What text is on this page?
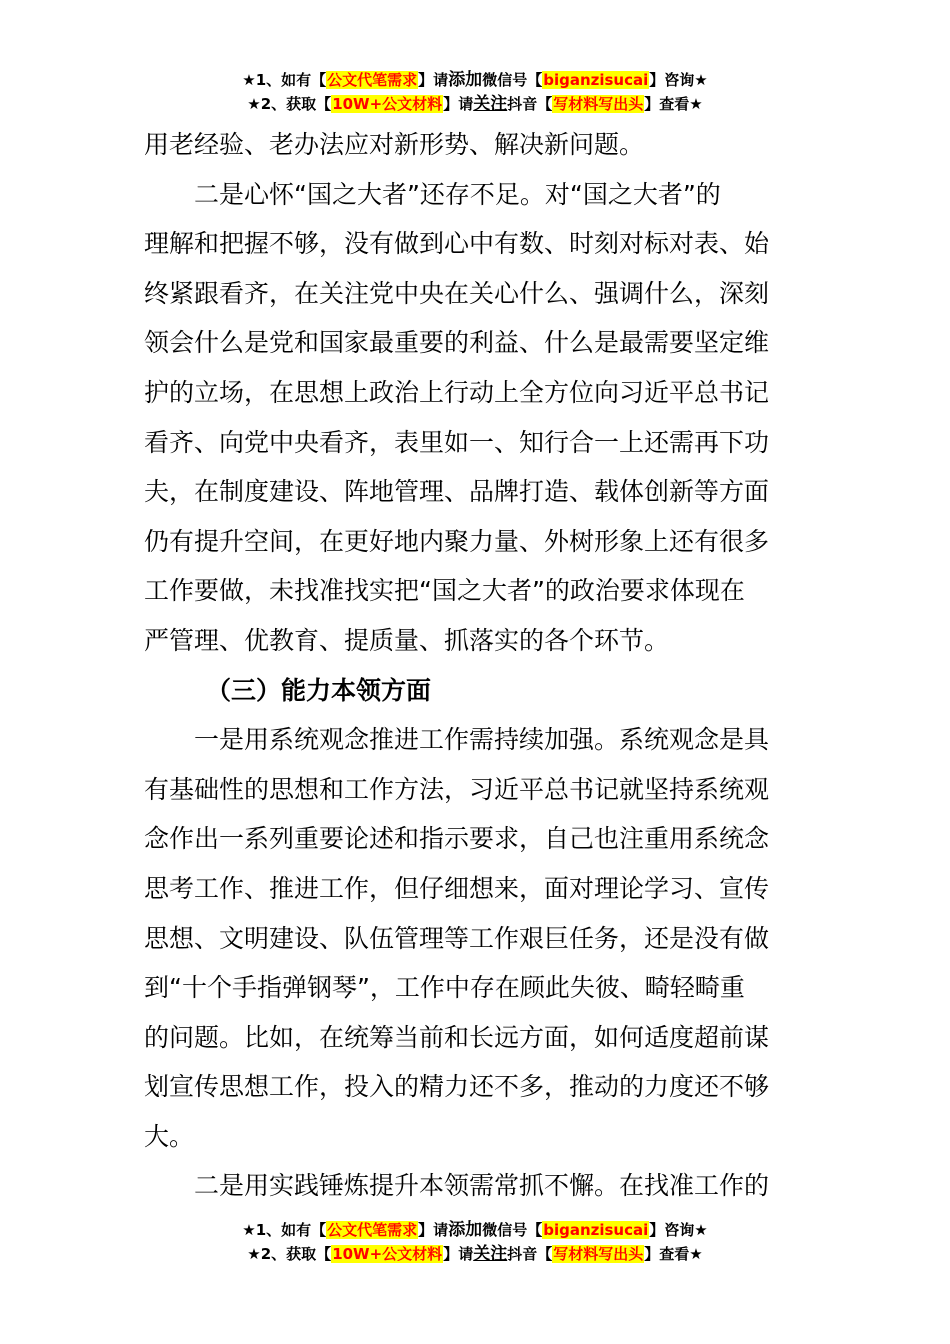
★1、如有【公文代笔需求】请添加微信号【biganzisucai】咨询★
★2、获取【10W+公文材料】请关注抖音【写材料写出头】查看★
用老经验、老办法应对新形势、解决新问题。
二是心怀“国之大者”还存不足。对“国之大者”的
理解和把握不够，没有做到心中有数、时刻对标对表、始
终紧跟看齐，在关注党中央在关心什么、强调什么，深刻
领会什么是党和国家最重要的利益、什么是最需要坚定维
护的立场，在思想上政治上行动上全方位向习近平总书记
看齐、向党中央看齐，表里如一、知行合一上还需再下功
夫，在制度建设、阵地管理、品牌打造、载体创新等方面
仍有提升空间，在更好地内聚力量、外树形象上还有很多
工作要做，未找准找实把“国之大者”的政治要求体现在
严管理、优教育、提质量、抓落实的各个环节。
（三）能力本领方面
一是用系统观念推进工作需持续加强。系统观念是具
有基础性的思想和工作方法，习近平总书记就坚持系统观
念作出一系列重要论述和指示要求，自己也注重用系统念
思考工作、推进工作，但仔细想来，面对理论学习、宣传
思想、文明建设、队伍管理等工作艰巨任务，还是没有做
到“十个手指弹钢琴”，工作中存在顾此失彼、畸轻畸重
的问题。比如，在统筹当前和长远方面，如何适度超前谋
划宣传思想工作，投入的精力还不多，推动的力度还不够
大。
二是用实践锤炼提升本领需常抓不懈。在找准工作的
★1、如有【公文代笔需求】请添加微信号【biganzisucai】咨询★
★2、获取【10W+公文材料】请关注抖音【写材料写出头】查看★
